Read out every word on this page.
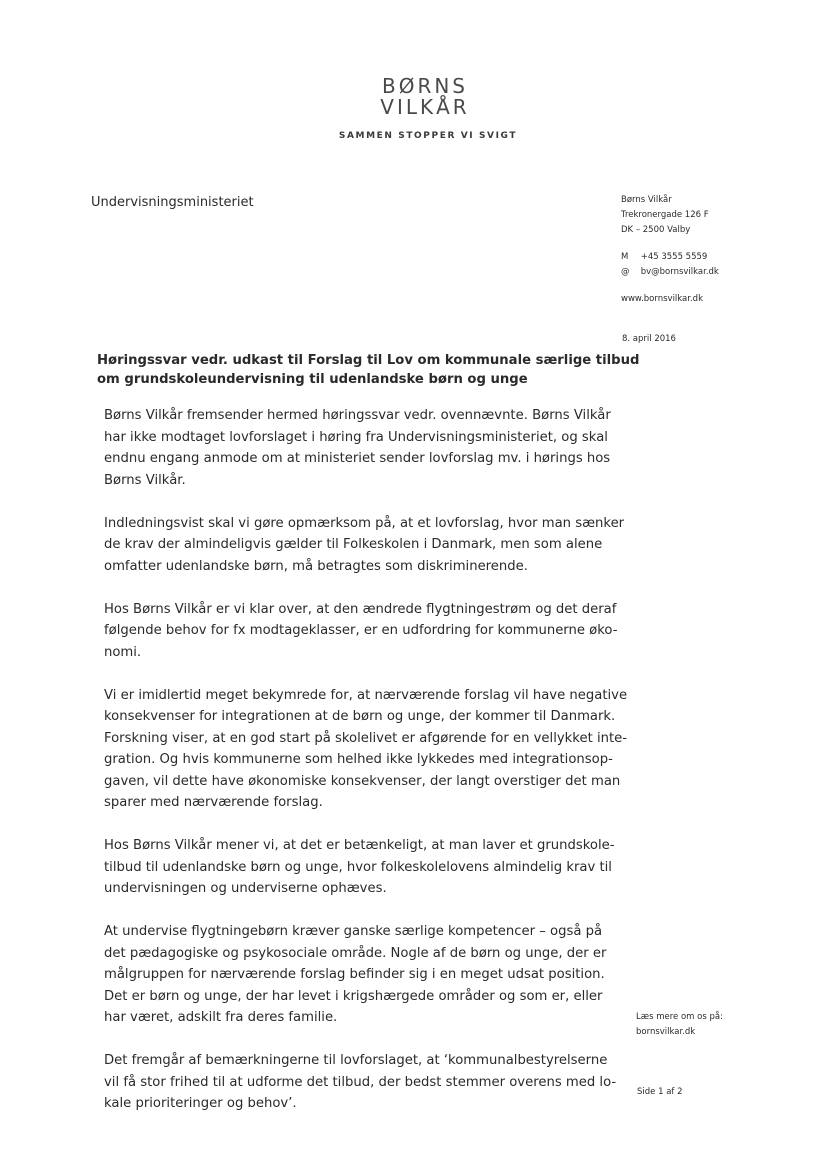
BØRNS
VILKÅR
SAMMEN STOPPER VI SVIGT
Undervisningsministeriet	Børns Vilkår
Trekronergade 126 F
DK – 2500 Valby
M +45 3555 5559
@ bv@bornsvilkar.dk
www.bornsvilkar.dk
8. april 2016
Høringssvar vedr. udkast til Forslag til Lov om kommunale særlige tilbud
om grundskoleundervisning til udenlandske børn og unge

Børns Vilkår fremsender hermed høringssvar vedr. ovennævnte. Børns Vilkår
har ikke modtaget lovforslaget i høring fra Undervisningsministeriet, og skal
endnu engang anmode om at ministeriet sender lovforslag mv. i hørings hos
Børns Vilkår.

Indledningsvist skal vi gøre opmærksom på, at et lovforslag, hvor man sænker
de krav der almindeligvis gælder til Folkeskolen i Danmark, men som alene
omfatter udenlandske børn, må betragtes som diskriminerende.

Hos Børns Vilkår er vi klar over, at den ændrede flygtningestrøm og det deraf
følgende behov for fx modtageklasser, er en udfordring for kommunerne øko-
nomi.

Vi er imidlertid meget bekymrede for, at nærværende forslag vil have negative
konsekvenser for integrationen at de børn og unge, der kommer til Danmark.
Forskning viser, at en god start på skolelivet er afgørende for en vellykket inte-
gration. Og hvis kommunerne som helhed ikke lykkedes med integrationsop-
gaven, vil dette have økonomiske konsekvenser, der langt overstiger det man
sparer med nærværende forslag.

Hos Børns Vilkår mener vi, at det er betænkeligt, at man laver et grundskole-
tilbud til udenlandske børn og unge, hvor folkeskolelovens almindelig krav til
undervisningen og underviserne ophæves.

At undervise flygtningebørn kræver ganske særlige kompetencer – også på
det pædagogiske og psykosociale område. Nogle af de børn og unge, der er
målgruppen for nærværende forslag befinder sig i en meget udsat position.
Det er børn og unge, der har levet i krigshærgede områder og som er, eller
har været, adskilt fra deres familie.

Det fremgår af bemærkningerne til lovforslaget, at ‘kommunalbestyrelserne
vil få stor frihed til at udforme det tilbud, der bedst stemmer overens med lo-
kale prioriteringer og behov’.

Læs mere om os på:
bornsvilkar.dk
Side 1 af 2
